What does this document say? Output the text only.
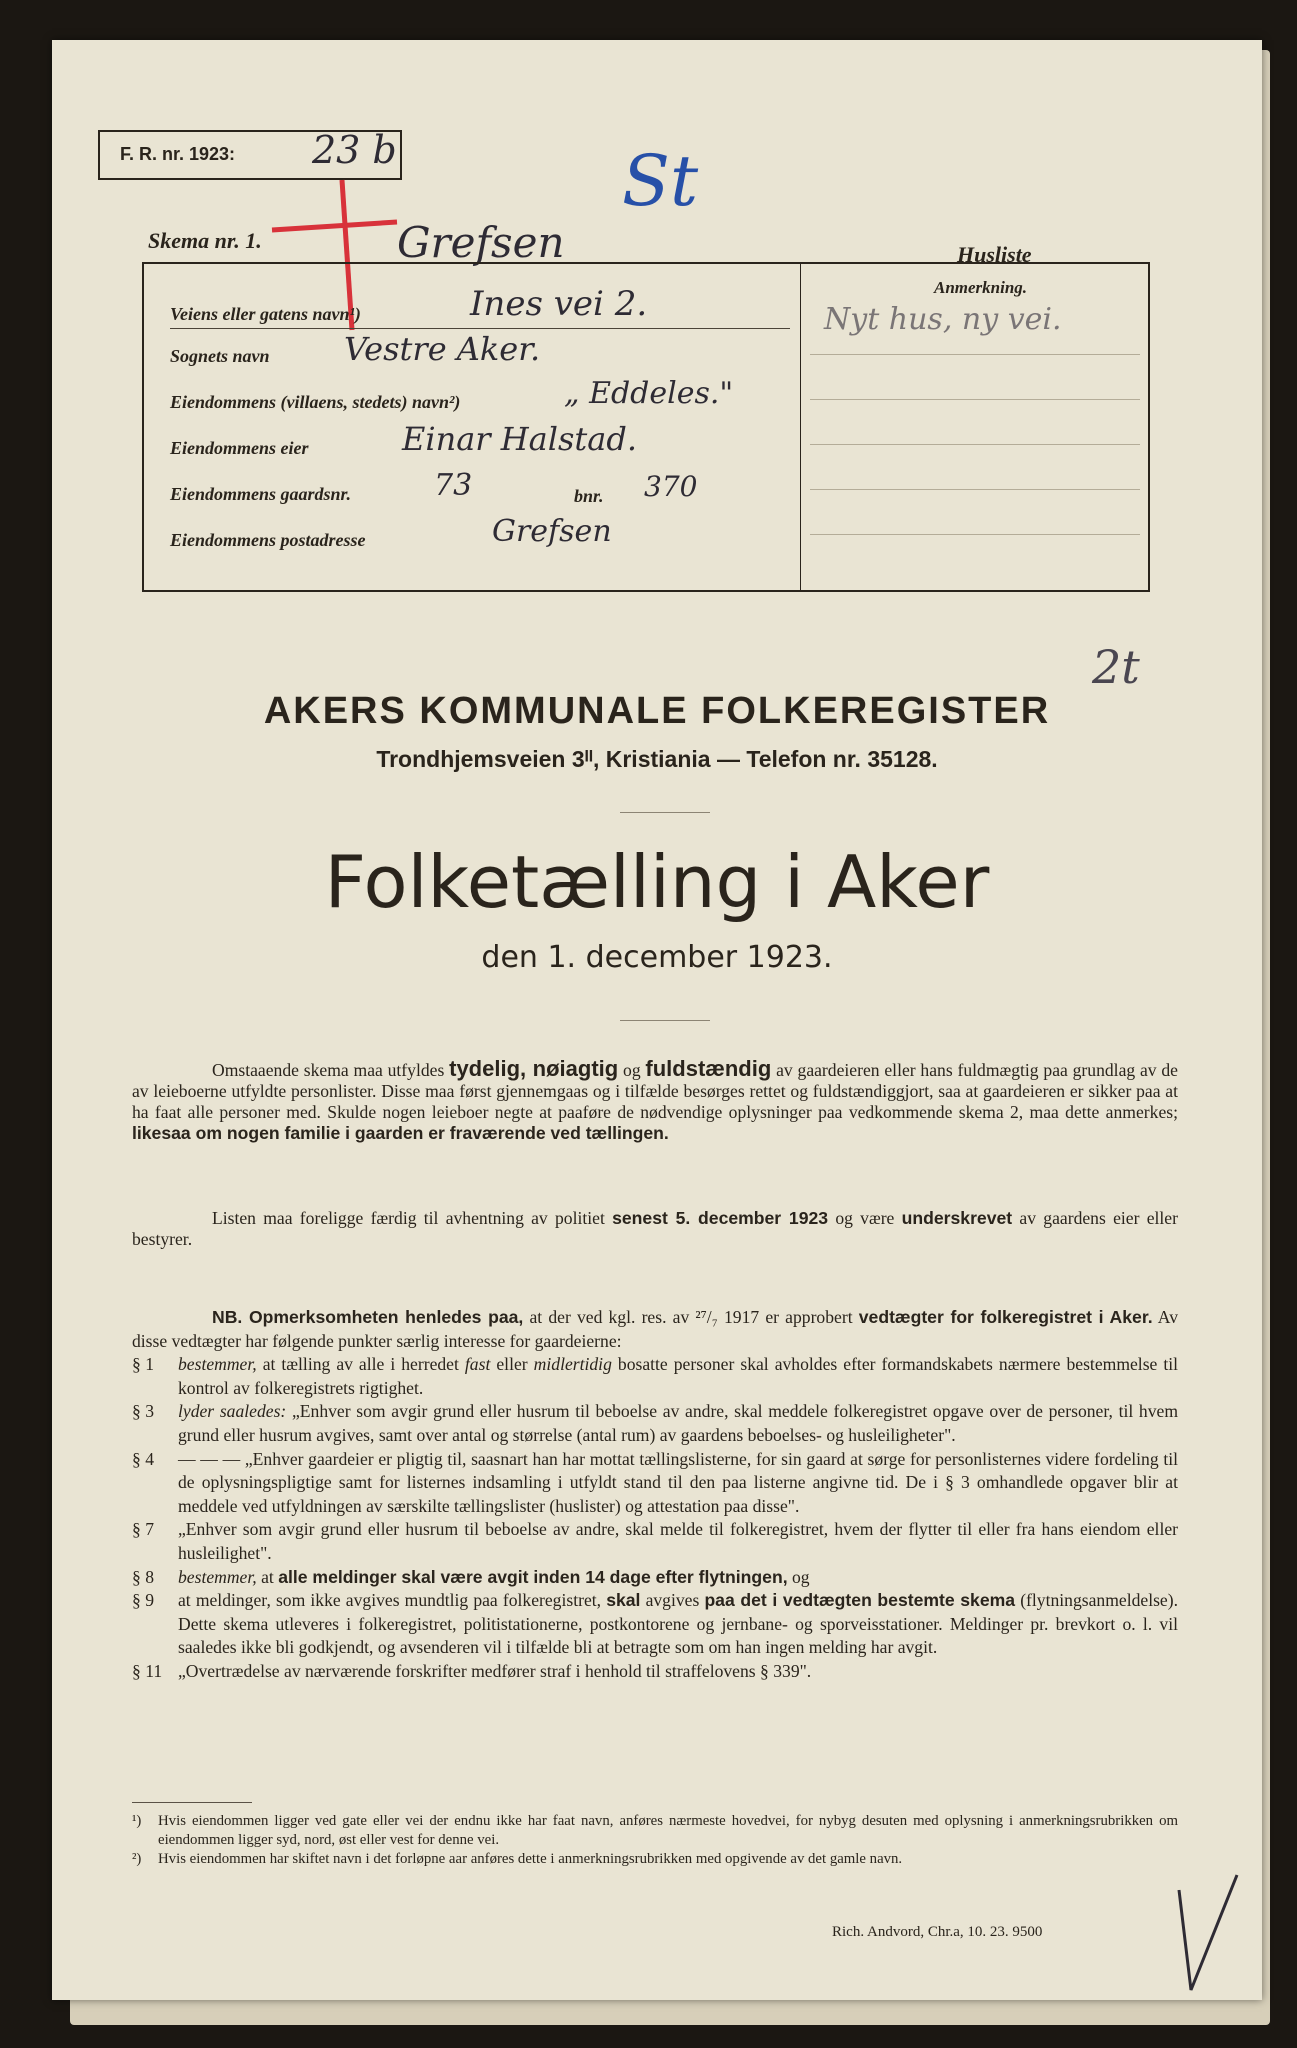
F. R. nr. 1923: 23 b	St
Skema nr. 1.	Grefsen	Husliste
Anmerkning.
Nyt hus, ny vei.
Veiens eller gatens navn¹)	Ines vei 2.
Sognets navn Vestre Aker.
Eiendommens (villaens, stedets) navn²)	„ Eddeles."
Eiendommens eier	Einar Halstad.
Eiendommens gaardsnr.	73	bnr. 370
Eiendommens postadresse	Grefsen
2t
AKERS KOMMUNALE FOLKEREGISTER
Trondhjemsveien 3ᴵᴵ, Kristiania — Telefon nr. 35128.
Folketælling i Aker
den 1. december 1923.
Omstaaende skema maa utfyldes tydelig, nøiagtig og fuldstændig av gaardeieren eller hans fuldmægtig paa grundlag av de av leieboerne utfyldte personlister. Disse maa først gjennemgaas og i tilfælde besørges rettet og fuldstændiggjort, saa at gaardeieren er sikker paa at ha faat alle personer med. Skulde nogen leieboer negte at paaføre de nødvendige oplysninger paa vedkommende skema 2, maa dette anmerkes; likesaa om nogen familie i gaarden er fraværende ved tællingen.
Listen maa foreligge færdig til avhentning av politiet senest 5. december 1923 og være underskrevet av gaardens eier eller bestyrer.
NB. Opmerksomheten henledes paa, at der ved kgl. res. av ²⁷/₇ 1917 er approbert vedtægter for folkeregistret i Aker. Av disse vedtægter har følgende punkter særlig interesse for gaardeierne:
§ 1 bestemmer, at tælling av alle i herredet fast eller midlertidig bosatte personer skal avholdes efter formandskabets nærmere bestemmelse til kontrol av folkeregistrets rigtighet.
§ 3 lyder saaledes: „Enhver som avgir grund eller husrum til beboelse av andre, skal meddele folkeregistret opgave over de personer, til hvem grund eller husrum avgives, samt over antal og størrelse (antal rum) av gaardens beboelses- og husleiligheter".
§ 4 — — — „Enhver gaardeier er pligtig til, saasnart han har mottat tællingslisterne, for sin gaard at sørge for personlisternes videre fordeling til de oplysningspligtige samt for listernes indsamling i utfyldt stand til den paa listerne angivne tid. De i § 3 omhandlede opgaver blir at meddele ved utfyldningen av særskilte tællingslister (huslister) og attestation paa disse".
§ 7 „Enhver som avgir grund eller husrum til beboelse av andre, skal melde til folkeregistret, hvem der flytter til eller fra hans eiendom eller husleilighet".
§ 8 bestemmer, at alle meldinger skal være avgit inden 14 dage efter flytningen, og
§ 9 at meldinger, som ikke avgives mundtlig paa folkeregistret, skal avgives paa det i vedtægten bestemte skema (flytningsanmeldelse). Dette skema utleveres i folkeregistret, politistationerne, postkontorene og jernbane- og sporveisstationer. Meldinger pr. brevkort o. l. vil saaledes ikke bli godkjendt, og avsenderen vil i tilfælde bli at betragte som om han ingen melding har avgit.
§ 11 „Overtrædelse av nærværende forskrifter medfører straf i henhold til straffelovens § 339".
¹) Hvis eiendommen ligger ved gate eller vei der endnu ikke har faat navn, anføres nærmeste hovedvei, for nybyg desuten med oplysning i anmerkningsrubrikken om eiendommen ligger syd, nord, øst eller vest for denne vei.
²) Hvis eiendommen har skiftet navn i det forløpne aar anføres dette i anmerkningsrubrikken med opgivende av det gamle navn.
Rich. Andvord, Chr.a, 10. 23. 9500
